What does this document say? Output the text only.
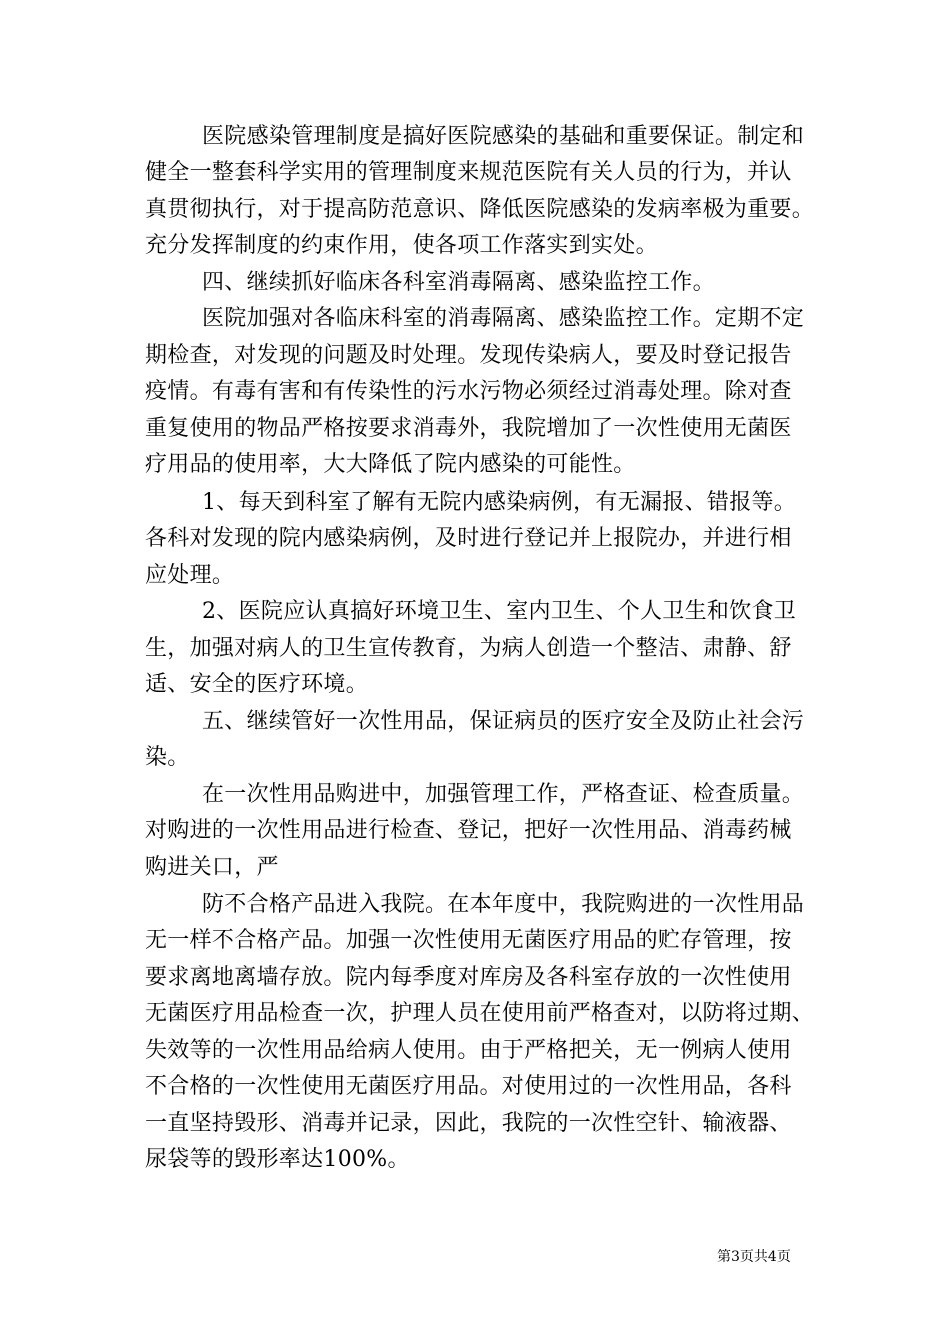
医院感染管理制度是搞好医院感染的基础和重要保证。制定和
健全一整套科学实用的管理制度来规范医院有关人员的行为，并认
真贯彻执行，对于提高防范意识、降低医院感染的发病率极为重要。
充分发挥制度的约束作用，使各项工作落实到实处。
四、继续抓好临床各科室消毒隔离、感染监控工作。
医院加强对各临床科室的消毒隔离、感染监控工作。定期不定
期检查，对发现的问题及时处理。发现传染病人，要及时登记报告
疫情。有毒有害和有传染性的污水污物必须经过消毒处理。除对查
重复使用的物品严格按要求消毒外，我院增加了一次性使用无菌医
疗用品的使用率，大大降低了院内感染的可能性。
1、每天到科室了解有无院内感染病例，有无漏报、错报等。
各科对发现的院内感染病例，及时进行登记并上报院办，并进行相
应处理。
2、医院应认真搞好环境卫生、室内卫生、个人卫生和饮食卫
生，加强对病人的卫生宣传教育，为病人创造一个整洁、肃静、舒
适、安全的医疗环境。
五、继续管好一次性用品，保证病员的医疗安全及防止社会污
染。
在一次性用品购进中，加强管理工作，严格查证、检查质量。
对购进的一次性用品进行检查、登记，把好一次性用品、消毒药械
购进关口，严
防不合格产品进入我院。在本年度中，我院购进的一次性用品
无一样不合格产品。加强一次性使用无菌医疗用品的贮存管理，按
要求离地离墙存放。院内每季度对库房及各科室存放的一次性使用
无菌医疗用品检查一次，护理人员在使用前严格查对，以防将过期、
失效等的一次性用品给病人使用。由于严格把关，无一例病人使用
不合格的一次性使用无菌医疗用品。对使用过的一次性用品，各科
一直坚持毁形、消毒并记录，因此，我院的一次性空针、输液器、
尿袋等的毁形率达100%。
第3页共4页
